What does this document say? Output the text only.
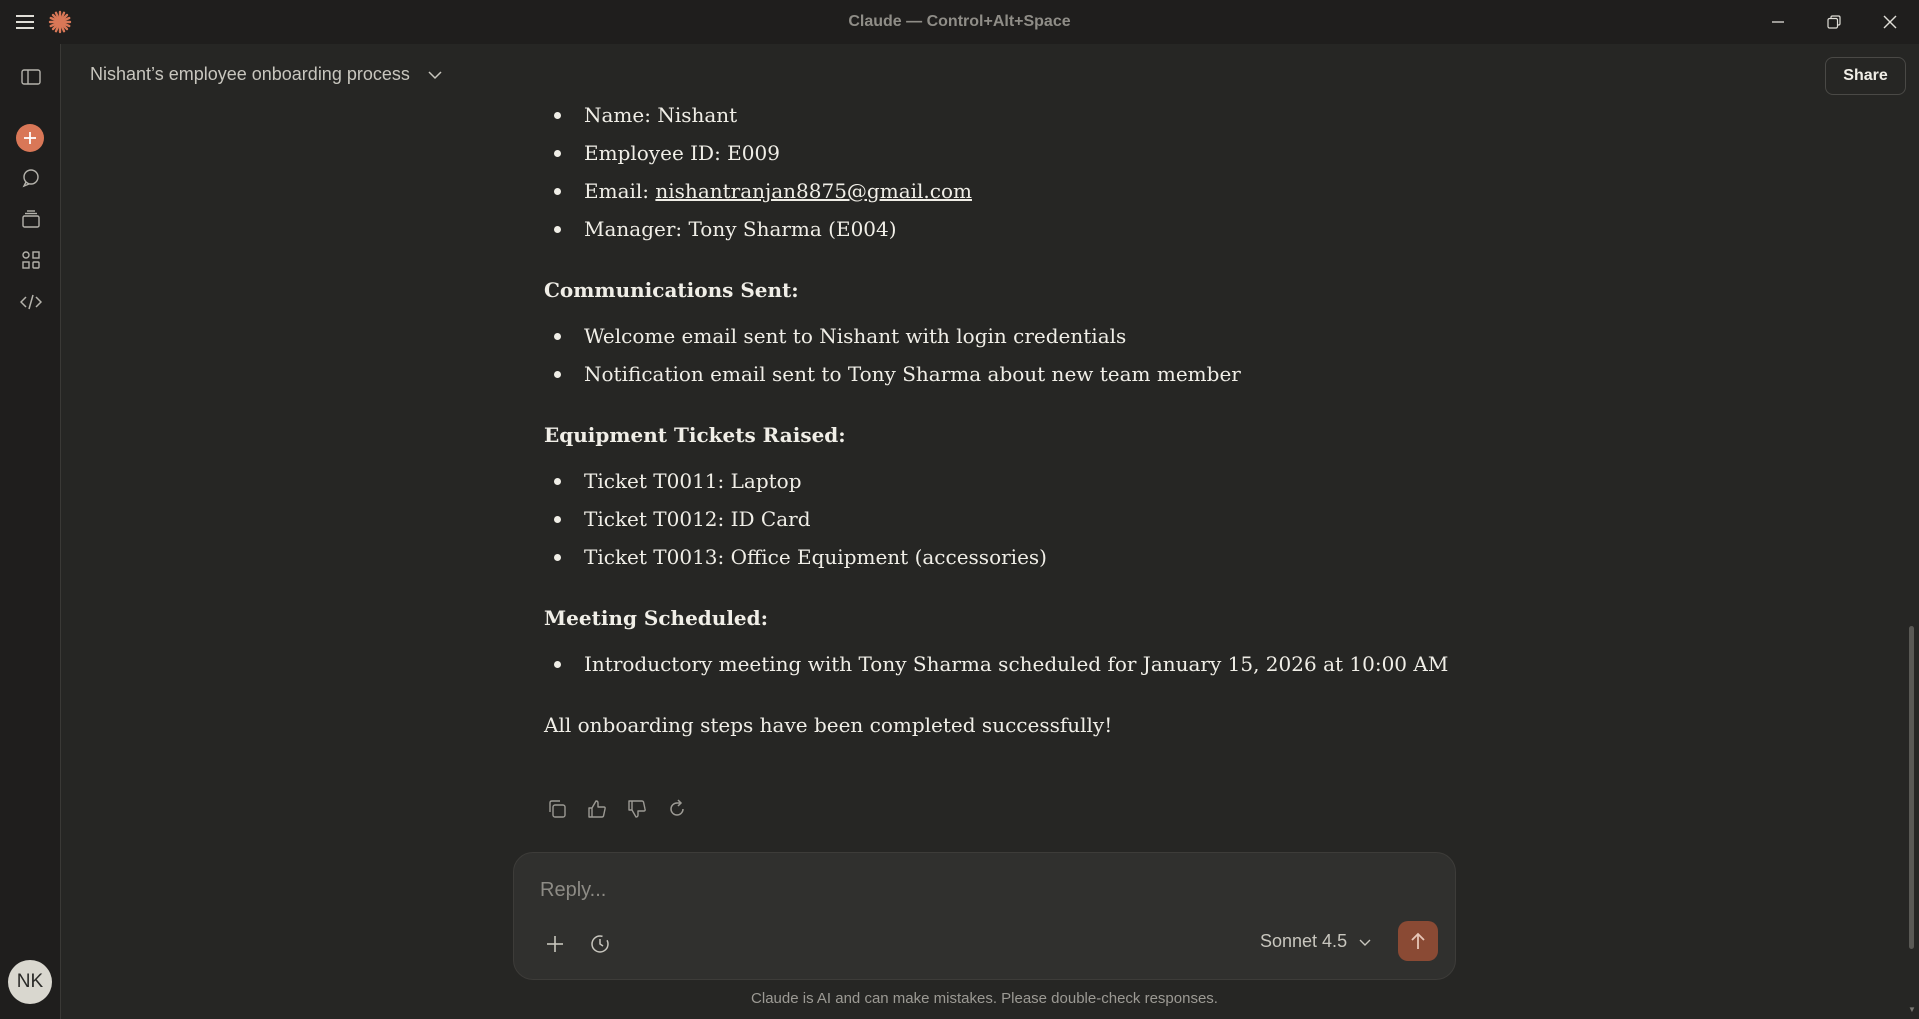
Claude — Control+Alt+Space
NK
Nishant’s employee onboarding process	Share

Name: Nishant
Employee ID: E009
Email: nishantranjan8875@gmail.com
Manager: Tony Sharma (E004)
Communications Sent:
Welcome email sent to Nishant with login credentials
Notification email sent to Tony Sharma about new team member
Equipment Tickets Raised:
Ticket T0011: Laptop
Ticket T0012: ID Card
Ticket T0013: Office Equipment (accessories)
Meeting Scheduled:
Introductory meeting with Tony Sharma scheduled for January 15, 2026 at 10:00 AM
All onboarding steps have been completed successfully!
Reply...
Sonnet 4.5
Claude is AI and can make mistakes. Please double-check responses.
▼
